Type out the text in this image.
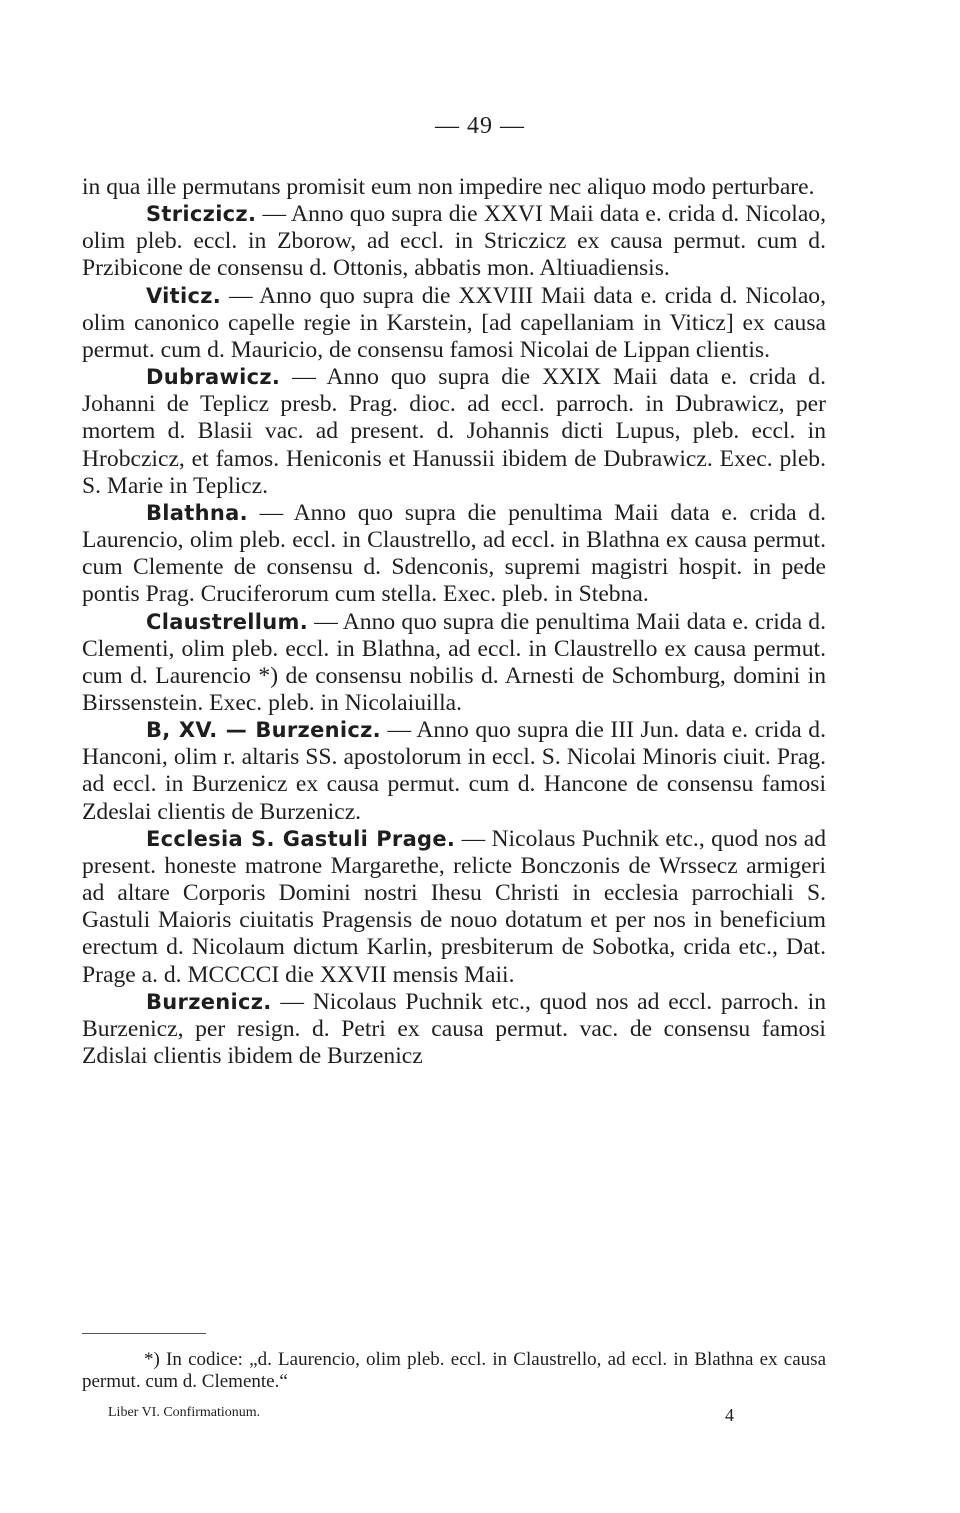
— 49 —

in qua ille permutans promisit eum non impedire nec aliquo modo perturbare.

Striczicz. — Anno quo supra die XXVI Maii data e. crida d. Nicolao, olim pleb. eccl. in Zborow, ad eccl. in Striczicz ex causa permut. cum d. Przibicone de consensu d. Ottonis, abbatis mon. Altiuadiensis.

Viticz. — Anno quo supra die XXVIII Maii data e. crida d. Nicolao, olim canonico capelle regie in Karstein, [ad capellaniam in Viticz] ex causa permut. cum d. Mauricio, de consensu famosi Nicolai de Lippan clientis.

Dubrawicz. — Anno quo supra die XXIX Maii data e. crida d. Johanni de Teplicz presb. Prag. dioc. ad eccl. parroch. in Dubrawicz, per mortem d. Blasii vac. ad present. d. Johannis dicti Lupus, pleb. eccl. in Hrobczicz, et famos. Heniconis et Hanussii ibidem de Dubrawicz. Exec. pleb. S. Marie in Teplicz.

Blathna. — Anno quo supra die penultima Maii data e. crida d. Laurencio, olim pleb. eccl. in Claustrello, ad eccl. in Blathna ex causa permut. cum Clemente de consensu d. Sdenconis, supremi magistri hospit. in pede pontis Prag. Cruciferorum cum stella. Exec. pleb. in Stebna.

Claustrellum. — Anno quo supra die penultima Maii data e. crida d. Clementi, olim pleb. eccl. in Blathna, ad eccl. in Claustrello ex causa permut. cum d. Laurencio *) de consensu nobilis d. Arnesti de Schomburg, domini in Birssenstein. Exec. pleb. in Nicolaiuilla.

B, XV. — Burzenicz. — Anno quo supra die III Jun. data e. crida d. Hanconi, olim r. altaris SS. apostolorum in eccl. S. Nicolai Minoris ciuit. Prag. ad eccl. in Burzenicz ex causa permut. cum d. Hancone de consensu famosi Zdeslai clientis de Burzenicz.

Ecclesia S. Gastuli Prage. — Nicolaus Puchnik etc., quod nos ad present. honeste matrone Margarethe, relicte Bonczonis de Wrssecz armigeri ad altare Corporis Domini nostri Ihesu Christi in ecclesia parrochiali S. Gastuli Maioris ciuitatis Pragensis de nouo dotatum et per nos in beneficium erectum d. Nicolaum dictum Karlin, presbiterum de Sobotka, crida etc., Dat. Prage a. d. MCCCCI die XXVII mensis Maii.

Burzenicz. — Nicolaus Puchnik etc., quod nos ad eccl. parroch. in Burzenicz, per resign. d. Petri ex causa permut. vac. de consensu famosi Zdislai clientis ibidem de Burzenicz

*) In codice: „d. Laurencio, olim pleb. eccl. in Claustrello, ad eccl. in Blathna ex causa permut. cum d. Clemente.“

Liber VI. Confirmationum.	4
